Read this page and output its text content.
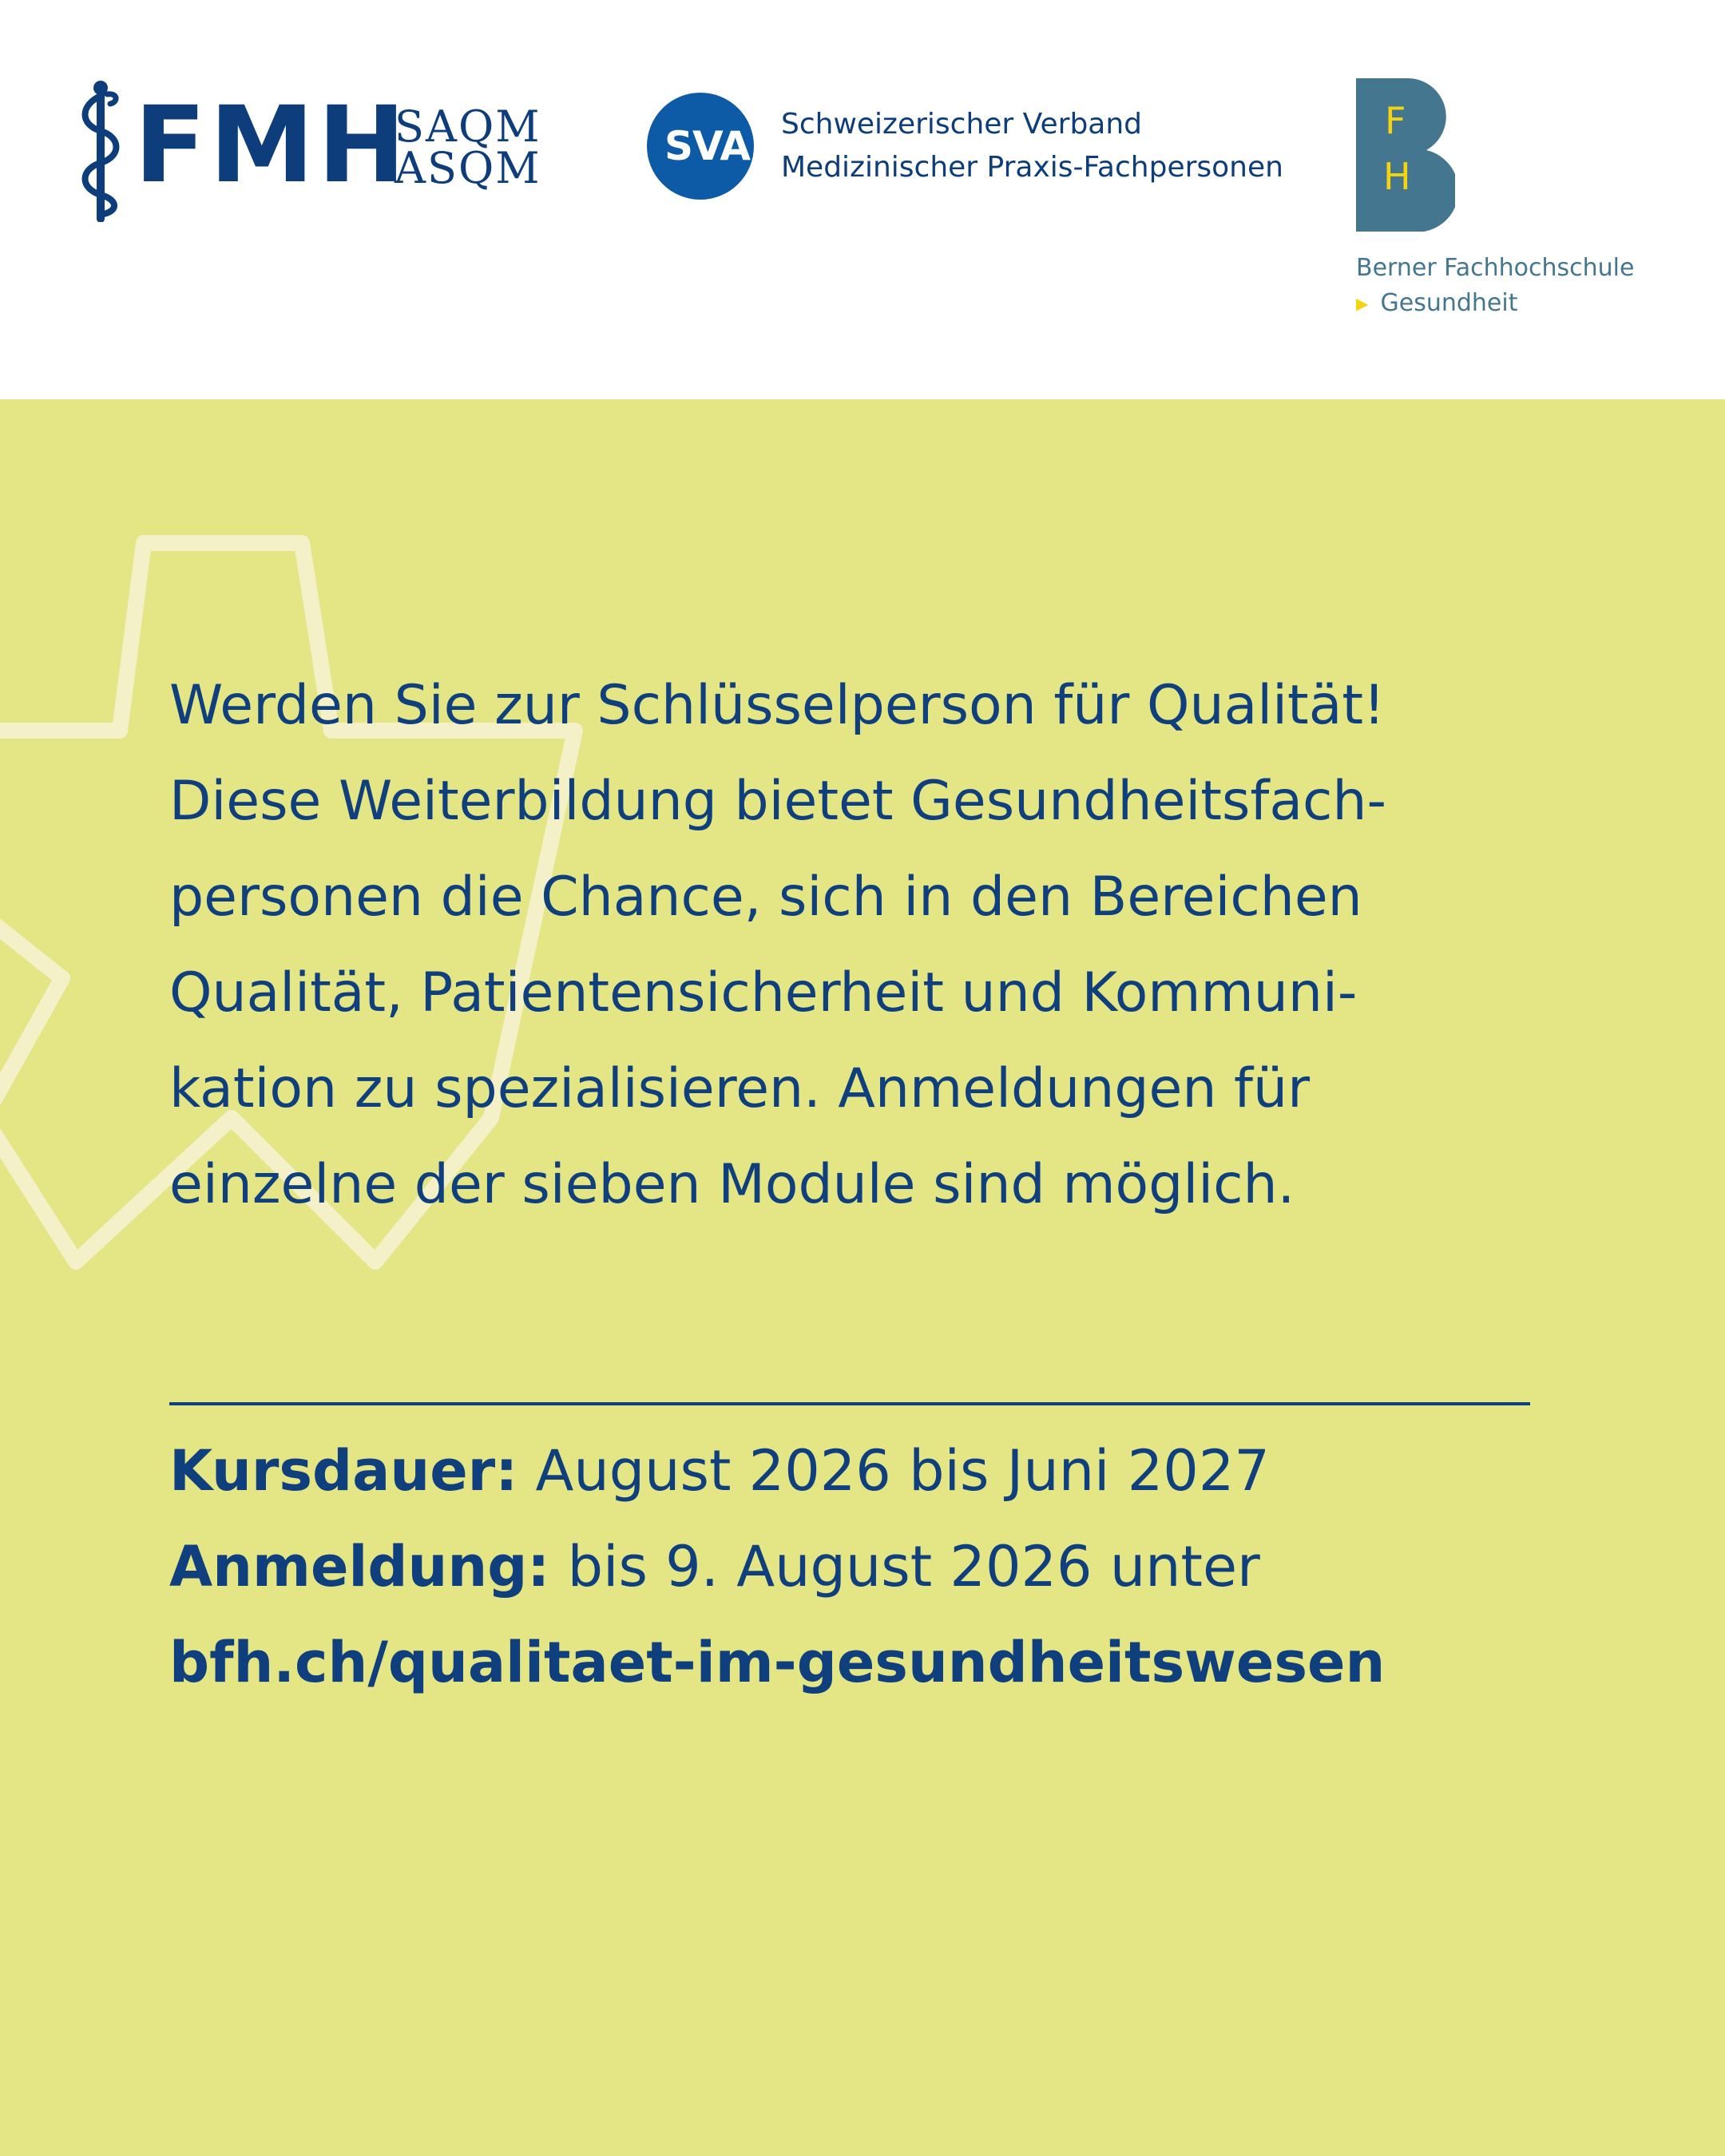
FMH
SAQM
ASQM	SVA Schweizerischer Verband
Medizinischer Praxis-Fachpersonen
F
H
Berner Fachhochschule
▶ Gesundheit
Werden Sie zur Schlüsselperson für Qualität!
Diese Weiterbildung bietet Gesundheitsfach-
personen die Chance, sich in den Bereichen
Qualität, Patientensicherheit und Kommuni-
kation zu spezialisieren. Anmeldungen für
einzelne der sieben Module sind möglich.
Kursdauer: August 2026 bis Juni 2027
Anmeldung: bis 9. August 2026 unter
bfh.ch/qualitaet-im-gesundheitswesen
